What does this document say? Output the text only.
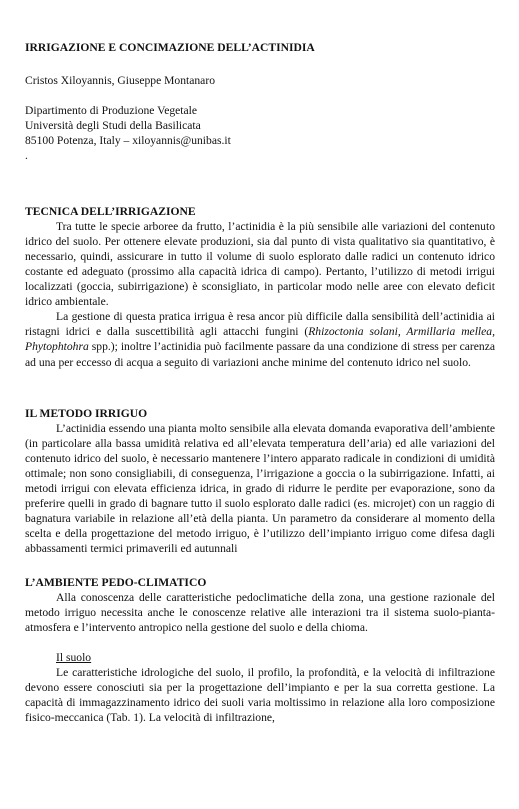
IRRIGAZIONE E CONCIMAZIONE DELL’ACTINIDIA
Cristos Xiloyannis, Giuseppe Montanaro
Dipartimento di Produzione Vegetale
Università degli Studi della Basilicata
85100 Potenza, Italy – xiloyannis@unibas.it
.
TECNICA DELL’IRRIGAZIONE

Tra tutte le specie arboree da frutto, l’actinidia è la più sensibile alle variazioni del contenuto idrico del suolo. Per ottenere elevate produzioni, sia dal punto di vista qualitativo sia quantitativo, è necessario, quindi, assicurare in tutto il volume di suolo esplorato dalle radici un contenuto idrico costante ed adeguato (prossimo alla capacità idrica di campo). Pertanto, l’utilizzo di metodi irrigui localizzati (goccia, subirrigazione) è sconsigliato, in particolar modo nelle aree con elevato deficit idrico ambientale.

La gestione di questa pratica irrigua è resa ancor più difficile dalla sensibilità dell’actinidia ai ristagni idrici e dalla suscettibilità agli attacchi fungini (Rhizoctonia solani, Armillaria mellea, Phytophtohra spp.); inoltre l’actinidia può facilmente passare da una condizione di stress per carenza ad una per eccesso di acqua a seguito di variazioni anche minime del contenuto idrico nel suolo.

IL METODO IRRIGUO

L’actinidia essendo una pianta molto sensibile alla elevata domanda evaporativa dell’ambiente (in particolare alla bassa umidità relativa ed all’elevata temperatura dell’aria) ed alle variazioni del contenuto idrico del suolo, è necessario mantenere l’intero apparato radicale in condizioni di umidità ottimale; non sono consigliabili, di conseguenza, l’irrigazione a goccia o la subirrigazione. Infatti, ai metodi irrigui con elevata efficienza idrica, in grado di ridurre le perdite per evaporazione, sono da preferire quelli in grado di bagnare tutto il suolo esplorato dalle radici (es. microjet) con un raggio di bagnatura variabile in relazione all’età della pianta. Un parametro da considerare al momento della scelta e della progettazione del metodo irriguo, è l’utilizzo dell’impianto irriguo come difesa dagli abbassamenti termici primaverili ed autunnali

L’AMBIENTE PEDO-CLIMATICO

Alla conoscenza delle caratteristiche pedoclimatiche della zona, una gestione razionale del metodo irriguo necessita anche le conoscenze relative alle interazioni tra il sistema suolo-pianta-atmosfera e l’intervento antropico nella gestione del suolo e della chioma.

Il suolo

Le caratteristiche idrologiche del suolo, il profilo, la profondità, e la velocità di infiltrazione devono essere conosciuti sia per la progettazione dell’impianto e per la sua corretta gestione. La capacità di immagazzinamento idrico dei suoli varia moltissimo in relazione alla loro composizione fisico-meccanica (Tab. 1). La velocità di infiltrazione,
